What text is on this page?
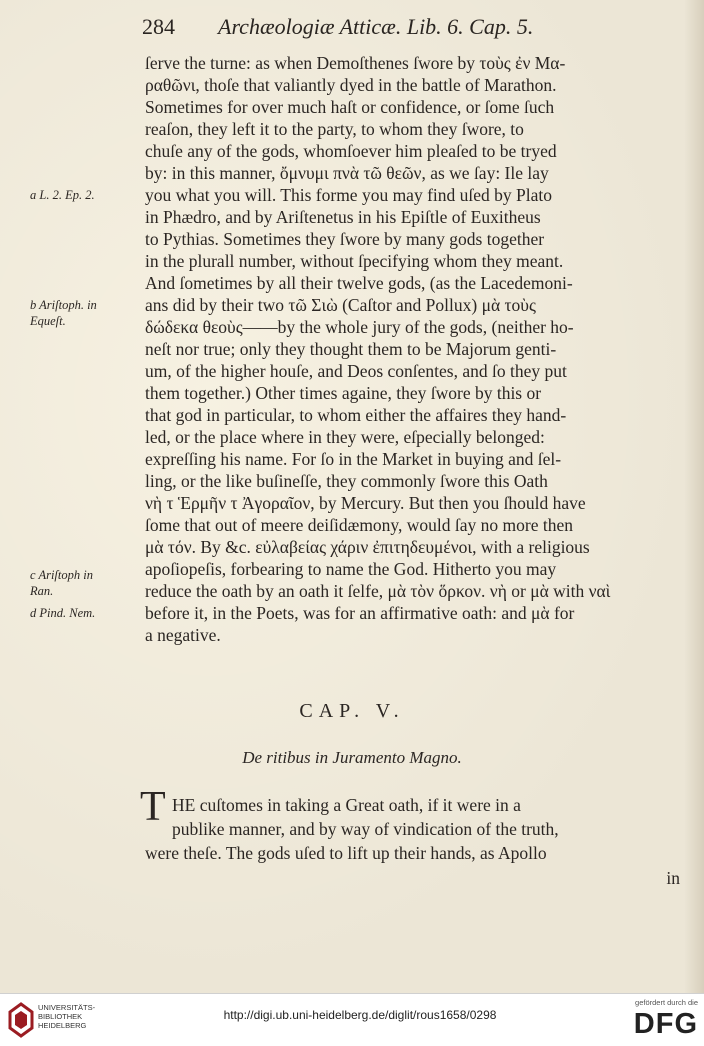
284 Archæologiæ Atticæ. Lib. 6. Cap. 5.
ſerve the turne: as when Demoſthenes ſwore by τοὺς ἐν Μα-
ραθῶνι, thoſe that valiantly dyed in the battle of Marathon.
Sometimes for over much haſt or confidence, or ſome ſuch
reaſon, they left it to the party, to whom they ſwore, to
chuſe any of the gods, whomſoever him pleaſed to be tryed
by: in this manner, ὄμνυμι πνὰ τῶ θεῶν, as we ſay: Ile lay
you what you will. This forme you may find uſed by Plato
in Phædro, and by Ariſtenetus in his Epiſtle of Euxitheus
to Pythias. Sometimes they ſwore by many gods together
in the plurall number, without ſpecifying whom they meant.
And ſometimes by all their twelve gods, (as the Lacedemoni-
ans did by their two τῶ Σιὼ (Caſtor and Pollux) μὰ τοὺς
δώδεκα θεοὺς——by the whole jury of the gods, (neither ho-
neſt nor true; only they thought them to be Majorum genti-
um, of the higher houſe, and Deos conſentes, and ſo they put
them together.) Other times againe, they ſwore by this or
that god in particular, to whom either the affaires they hand-
led, or the place where in they were, eſpecially belonged:
expreſſing his name. For ſo in the Market in buying and ſel-
ling, or the like buſineſſe, they commonly ſwore this Oath
νὴ τ Ἑρμῆν τ Ἀγοραῖον, by Mercury. But then you ſhould have
ſome that out of meere deiſidæmony, would ſay no more then
μὰ τόν. By &c. εὐλαβείας χάριν ἐπιτηδευμένοι, with a religious
apoſiopeſis, forbearing to name the God. Hitherto you may
reduce the oath by an oath it ſelfe, μὰ τὸν ὅρκον. νὴ or μὰ with ναὶ
before it, in the Poets, was for an affirmative oath: and μὰ for
a negative.
a L. 2. Ep. 2.
b Ariſtoph. in
Equeſt.
c Ariſtoph in
Ran.
d Pind. Nem.
CAP. V.
De ritibus in Juramento Magno.
T HE cuſtomes in taking a Great oath, if it were in a
publike manner, and by way of vindication of the truth,
were theſe. The gods uſed to lift up their hands, as Apollo
in
UNIVERSITÄTS-
BIBLIOTHEK
HEIDELBERG
http://digi.ub.uni-heidelberg.de/diglit/rous1658/0298
gefördert durch die
DFG
